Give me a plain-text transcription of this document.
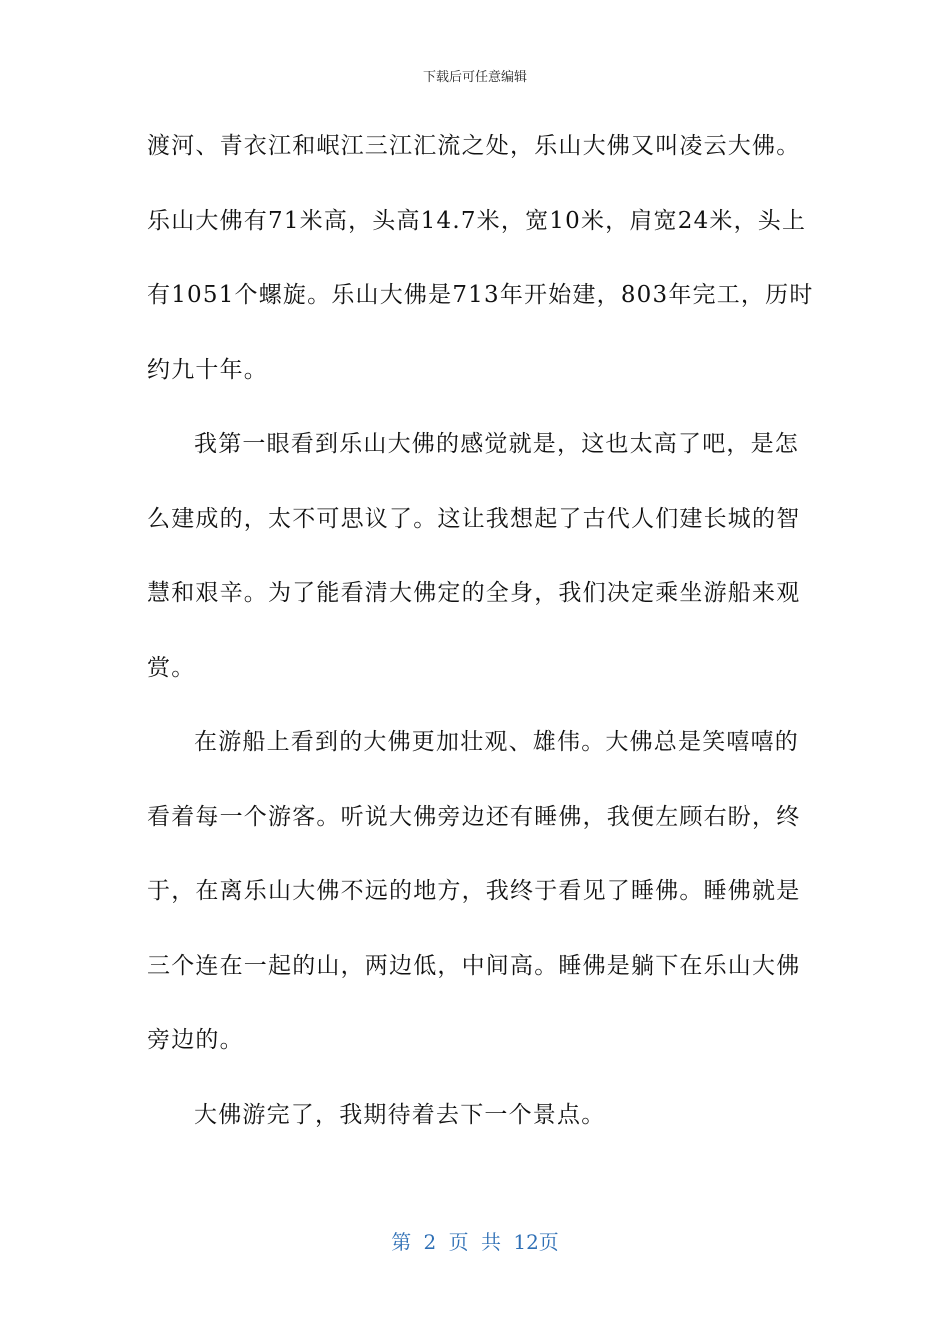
下载后可任意编辑
渡河、青衣江和岷江三江汇流之处，乐山大佛又叫凌云大佛。
乐山大佛有71米高，头高14.7米，宽10米，肩宽24米，头上
有1051个螺旋。乐山大佛是713年开始建，803年完工，历时
约九十年。
我第一眼看到乐山大佛的感觉就是，这也太高了吧，是怎
么建成的，太不可思议了。这让我想起了古代人们建长城的智
慧和艰辛。为了能看清大佛定的全身，我们决定乘坐游船来观
赏。
在游船上看到的大佛更加壮观、雄伟。大佛总是笑嘻嘻的
看着每一个游客。听说大佛旁边还有睡佛，我便左顾右盼，终
于，在离乐山大佛不远的地方，我终于看见了睡佛。睡佛就是
三个连在一起的山，两边低，中间高。睡佛是躺下在乐山大佛
旁边的。
大佛游完了，我期待着去下一个景点。
第 2 页 共 12页
